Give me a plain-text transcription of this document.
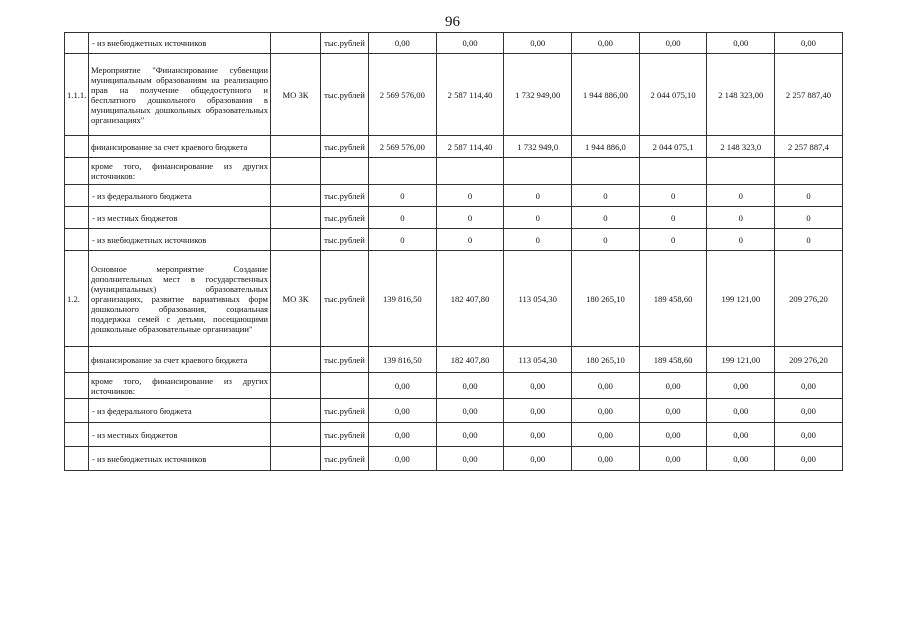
96
	- из внебюджетных источников		тыс.рублей	0,00	0,00	0,00	0,00	0,00	0,00	0,00
1.1.1.	Мероприятие "Финансирование субвенции муниципальным образованиям на реализацию прав на получение общедоступного и бесплатного дошкольного образования в муниципальных дошкольных образовательных организациях"	МО ЗК	тыс.рублей	2 569 576,00	2 587 114,40	1 732 949,00	1 944 886,00	2 044 075,10	2 148 323,00	2 257 887,40
	финансирование за счет краевого бюджета		тыс.рублей	2 569 576,00	2 587 114,40	1 732 949,0	1 944 886,0	2 044 075,1	2 148 323,0	2 257 887,4
	кроме того, финансирование из других источников:									
	- из федерального бюджета		тыс.рублей	0	0	0	0	0	0	0
	- из местных бюджетов		тыс.рублей	0	0	0	0	0	0	0
	- из внебюджетных источников		тыс.рублей	0	0	0	0	0	0	0
1.2.	Основное мероприятие Создание дополнительных мест в государственных (муниципальных) образовательных организациях, развитие вариативных форм дошкольного образования, социальная поддержка семей с детьми, посещающими дошкольные образовательные организации"	МО ЗК	тыс.рублей	139 816,50	182 407,80	113 054,30	180 265,10	189 458,60	199 121,00	209 276,20
	финансирование за счет краевого бюджета		тыс.рублей	139 816,50	182 407,80	113 054,30	180 265,10	189 458,60	199 121,00	209 276,20
	кроме того, финансирование из других источников:			0,00	0,00	0,00	0,00	0,00	0,00	0,00
	- из федерального бюджета		тыс.рублей	0,00	0,00	0,00	0,00	0,00	0,00	0,00
	- из местных бюджетов		тыс.рублей	0,00	0,00	0,00	0,00	0,00	0,00	0,00
	- из внебюджетных источников		тыс.рублей	0,00	0,00	0,00	0,00	0,00	0,00	0,00
